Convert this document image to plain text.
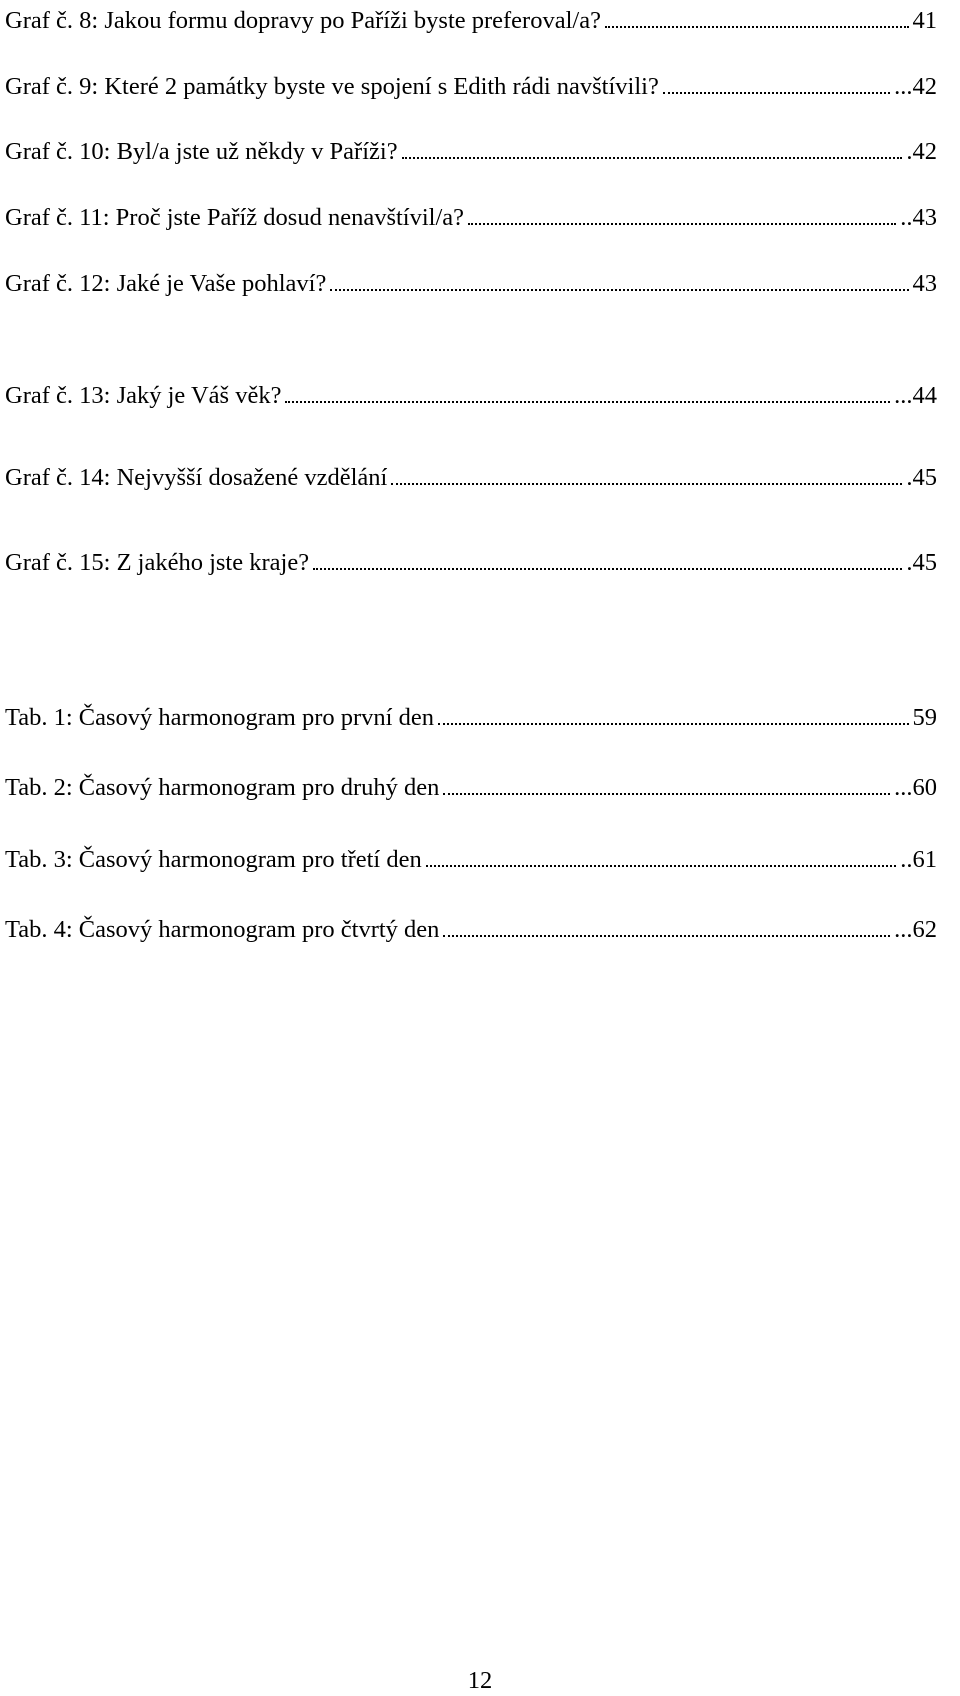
Graf č. 8: Jakou formu dopravy po Paříži byste preferoval/a?	41
Graf č. 9: Které 2 památky byste ve spojení s Edith rádi navštívili?	...42
Graf č. 10: Byl/a jste už někdy v Paříži?	.42
Graf č. 11: Proč jste Paříž dosud nenavštívil/a?	..43
Graf č. 12: Jaké je Vaše pohlaví?	43
Graf č. 13: Jaký je Váš věk?	...44
Graf č. 14: Nejvyšší dosažené vzdělání	.45
Graf č. 15: Z jakého jste kraje?	.45
Tab. 1: Časový harmonogram pro první den	59
Tab. 2: Časový harmonogram pro druhý den	...60
Tab. 3: Časový harmonogram pro třetí den	..61
Tab. 4: Časový harmonogram pro čtvrtý den	...62
12
